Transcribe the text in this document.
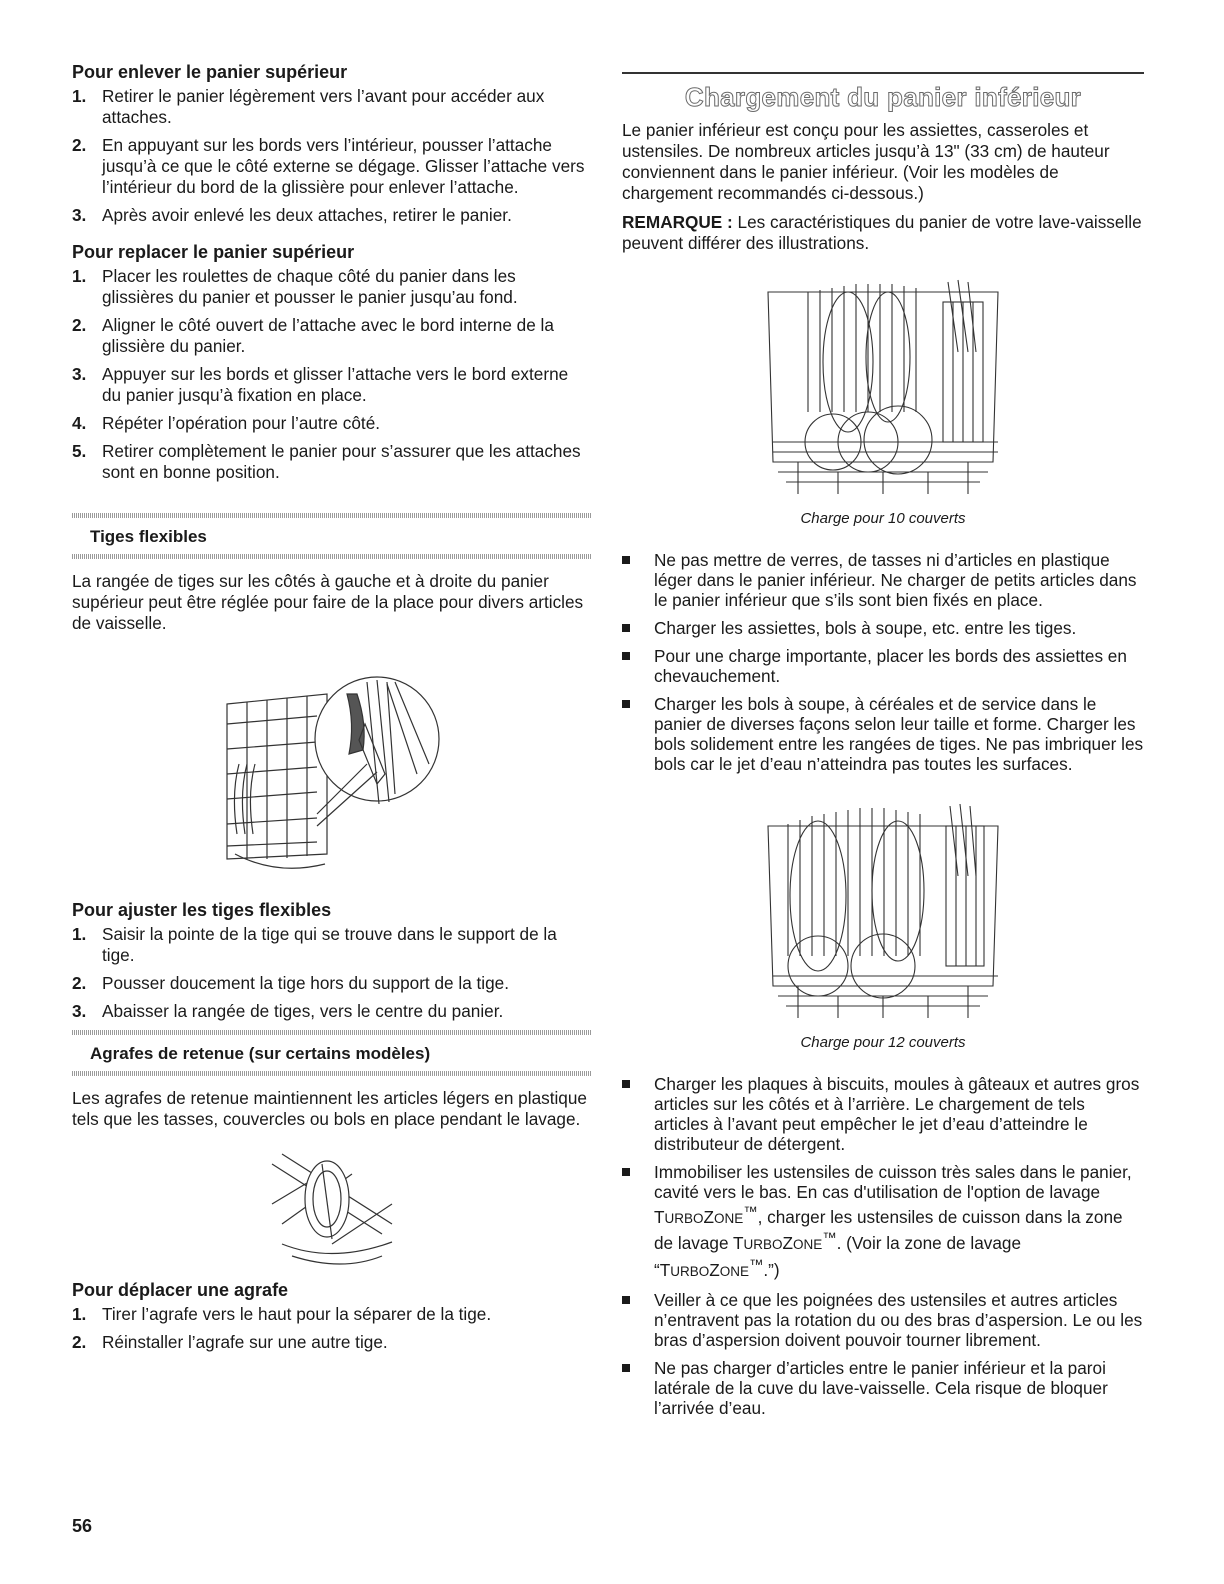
Pour enlever le panier supérieur
1. Retirer le panier légèrement vers l’avant pour accéder aux attaches.
2. En appuyant sur les bords vers l’intérieur, pousser l’attache jusqu’à ce que le côté externe se dégage. Glisser l’attache vers l’intérieur du bord de la glissière pour enlever l’attache.
3. Après avoir enlevé les deux attaches, retirer le panier.
Pour replacer le panier supérieur
1. Placer les roulettes de chaque côté du panier dans les glissières du panier et pousser le panier jusqu’au fond.
2. Aligner le côté ouvert de l’attache avec le bord interne de la glissière du panier.
3. Appuyer sur les bords et glisser l’attache vers le bord externe du panier jusqu’à fixation en place.
4. Répéter l’opération pour l’autre côté.
5. Retirer complètement le panier pour s’assurer que les attaches sont en bonne position.
Tiges flexibles

La rangée de tiges sur les côtés à gauche et à droite du panier supérieur peut être réglée pour faire de la place pour divers articles de vaisselle.

Pour ajuster les tiges flexibles
1. Saisir la pointe de la tige qui se trouve dans le support de la tige.
2. Pousser doucement la tige hors du support de la tige.
3. Abaisser la rangée de tiges, vers le centre du panier.
Agrafes de retenue (sur certains modèles)

Les agrafes de retenue maintiennent les articles légers en plastique tels que les tasses, couvercles ou bols en place pendant le lavage.

Pour déplacer une agrafe
1. Tirer l’agrafe vers le haut pour la séparer de la tige.
2. Réinstaller l’agrafe sur une autre tige.
Chargement du panier inférieur

Le panier inférieur est conçu pour les assiettes, casseroles et ustensiles. De nombreux articles jusqu’à 13" (33 cm) de hauteur conviennent dans le panier inférieur. (Voir les modèles de chargement recommandés ci-dessous.)

REMARQUE : Les caractéristiques du panier de votre lave-vaisselle peuvent différer des illustrations.

Charge pour 10 couverts
Ne pas mettre de verres, de tasses ni d’articles en plastique léger dans le panier inférieur. Ne charger de petits articles dans le panier inférieur que s’ils sont bien fixés en place.
Charger les assiettes, bols à soupe, etc. entre les tiges.
Pour une charge importante, placer les bords des assiettes en chevauchement.
Charger les bols à soupe, à céréales et de service dans le panier de diverses façons selon leur taille et forme. Charger les bols solidement entre les rangées de tiges. Ne pas imbriquer les bols car le jet d’eau n’atteindra pas toutes les surfaces.
Charge pour 12 couverts
Charger les plaques à biscuits, moules à gâteaux et autres gros articles sur les côtés et à l’arrière. Le chargement de tels articles à l’avant peut empêcher le jet d’eau d’atteindre le distributeur de détergent.
Immobiliser les ustensiles de cuisson très sales dans le panier, cavité vers le bas. En cas d'utilisation de l'option de lavage TURBOZONE™, charger les ustensiles de cuisson dans la zone de lavage TURBOZONE™. (Voir la zone de lavage “TURBOZONE™.”)
Veiller à ce que les poignées des ustensiles et autres articles n’entravent pas la rotation du ou des bras d’aspersion. Le ou les bras d’aspersion doivent pouvoir tourner librement.
Ne pas charger d’articles entre le panier inférieur et la paroi latérale de la cuve du lave-vaisselle. Cela risque de bloquer l’arrivée d’eau.
56
